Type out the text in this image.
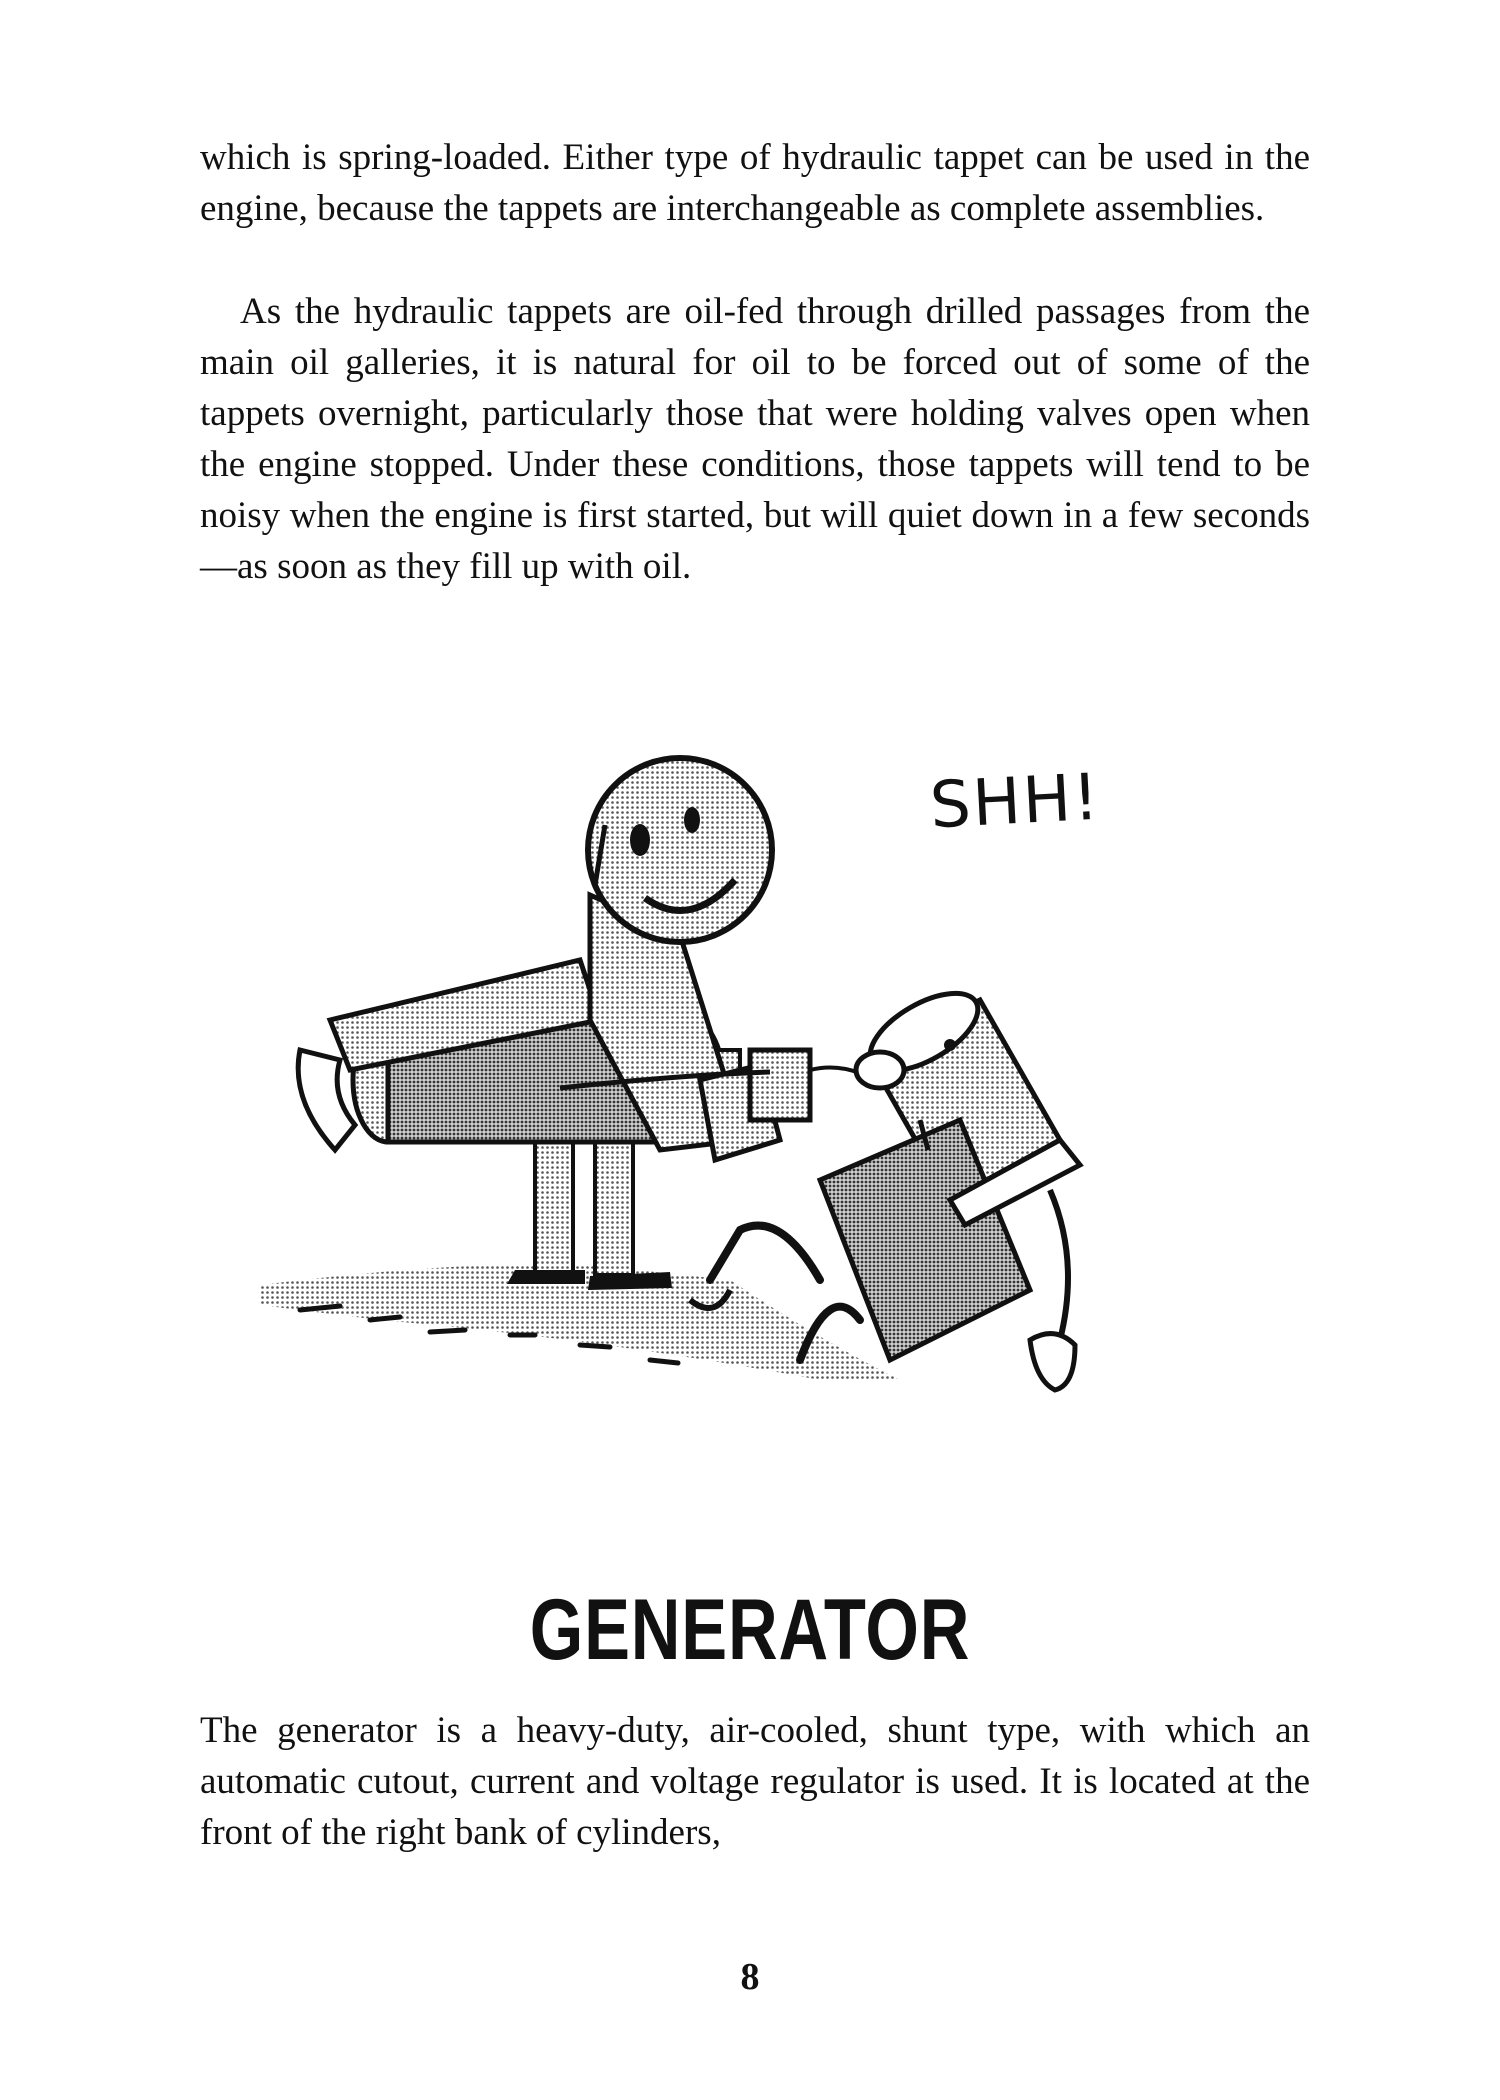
which is spring-loaded. Either type of hydraulic tappet can be used in the engine, because the tappets are interchangeable as complete assemblies.

As the hydraulic tappets are oil-fed through drilled passages from the main oil galleries, it is natural for oil to be forced out of some of the tappets overnight, particularly those that were holding valves open when the engine stopped. Under these conditions, those tappets will tend to be noisy when the engine is first started, but will quiet down in a few seconds—as soon as they fill up with oil.

SHH!
GENERATOR

The generator is a heavy-duty, air-cooled, shunt type, with which an automatic cutout, current and voltage regulator is used. It is located at the front of the right bank of cylinders,

8
